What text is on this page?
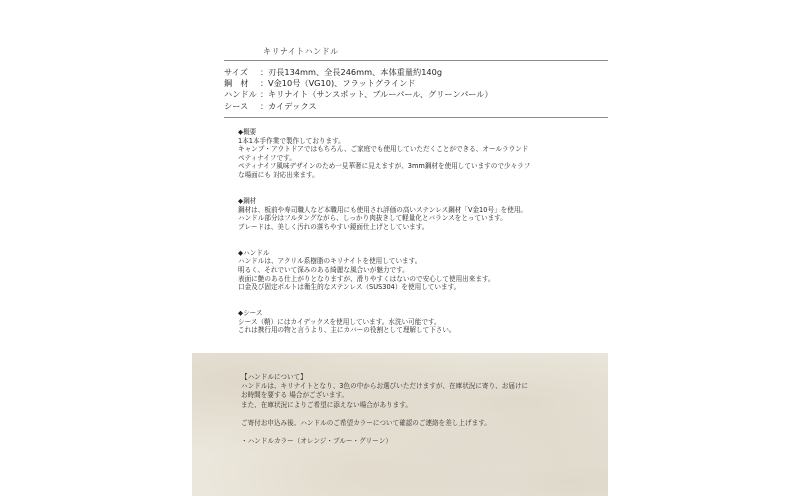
キリナイトハンドル
サイズ ：刃長134mm、全長246mm、本体重量約140g
鋼　材 ：V金10号（VG10)、フラットグラインド
ハンドル ：キリナイト（サンスポット、ブルーパール、グリーンパール）
シース ：カイデックス
◆概要
1本1本手作業で製作しております。
キャンプ・アウトドアではもちろん、ご家庭でも使用していただくことができる、オールラウンド
ペティナイフです。
ペティナイフ風味デザインのため一見華奢に見えますが、3mm鋼材を使用していますので少々ラフ
な場面にも 対応出来ます。
◆鋼材
鋼材は、板前や寿司職人など本職用にも使用され評価の高いステンレス鋼材「V金10号」を使用。
ハンドル部分はフルタングながら、しっかり肉抜きして軽量化とバランスをとっています。
ブレードは、美しく汚れの落ちやすい鏡面仕上げとしています。
◆ハンドル
ハンドルは、アクリル系樹脂のキリナイトを使用しています。
明るく、それでいて深みのある綺麗な風合いが魅力です。
表面に艶のある仕上がりとなりますが、滑りやすくはないので安心して使用出来ます。
口金及び固定ボルトは衛生的なステンレス（SUS304）を使用しています。
◆シース
シース（鞘）にはカイデックスを使用しています。水洗い可能です。
これは携行用の物と言うより、主にカバーの役割として理解して下さい。
【ハンドルについて】
ハンドルは、キリナイトとなり、3色の中からお選びいただけますが、在庫状況に寄り、お届けに
お時間を要する 場合がございます。
また、在庫状況によりご希望に添えない場合があります。
ご寄付お申込み後、ハンドルのご希望カラーについて確認のご連絡を差し上げます。
・ハンドルカラー（オレンジ・ブルー・グリーン）
